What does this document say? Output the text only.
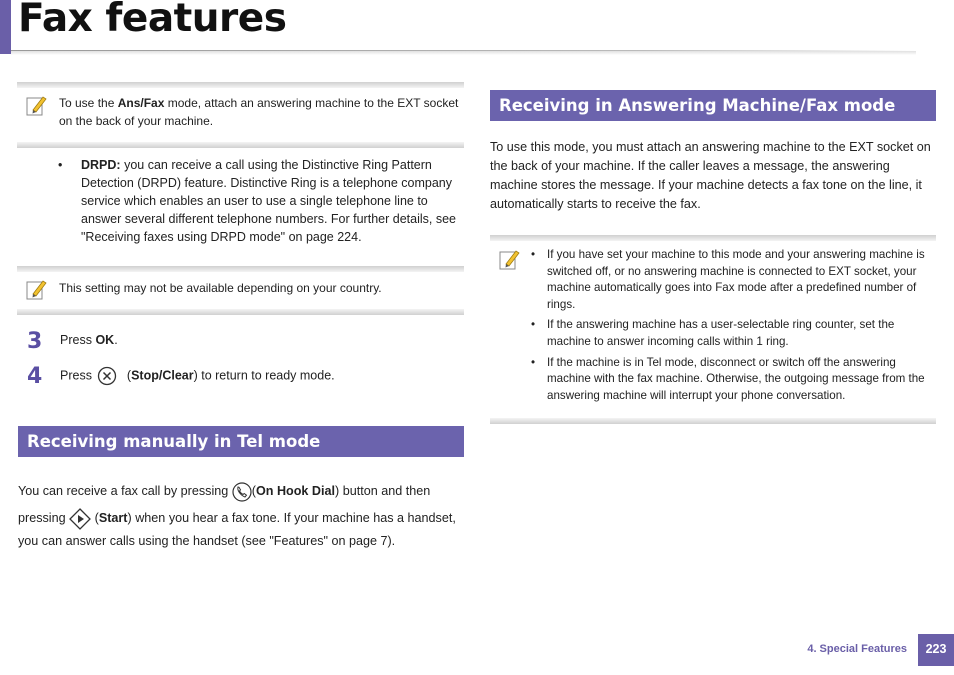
Fax features
To use the Ans/Fax mode, attach an answering machine to the EXT socket on the back of your machine.
•	DRPD: you can receive a call using the Distinctive Ring Pattern Detection (DRPD) feature. Distinctive Ring is a telephone company service which enables an user to use a single telephone line to answer several different telephone numbers. For further details, see "Receiving faxes using DRPD mode" on page 224.
This setting may not be available depending on your country.
3 Press OK.
4 Press  (Stop/Clear) to return to ready mode.
Receiving manually in Tel mode
You can receive a fax call by pressing (On Hook Dial) button and then
pressing  (Start) when you hear a fax tone. If your machine has a handset,
you can answer calls using the handset (see "Features" on page 7).
Receiving in Answering Machine/Fax mode
To use this mode, you must attach an answering machine to the EXT socket on the back of your machine. If the caller leaves a message, the answering machine stores the message. If your machine detects a fax tone on the line, it automatically starts to receive the fax.
• If you have set your machine to this mode and your answering machine is switched off, or no answering machine is connected to EXT socket, your machine automatically goes into Fax mode after a predefined number of rings.
• If the answering machine has a user-selectable ring counter, set the machine to answer incoming calls within 1 ring.
• If the machine is in Tel mode, disconnect or switch off the answering machine with the fax machine. Otherwise, the outgoing message from the answering machine will interrupt your phone conversation.
4. Special Features	223
